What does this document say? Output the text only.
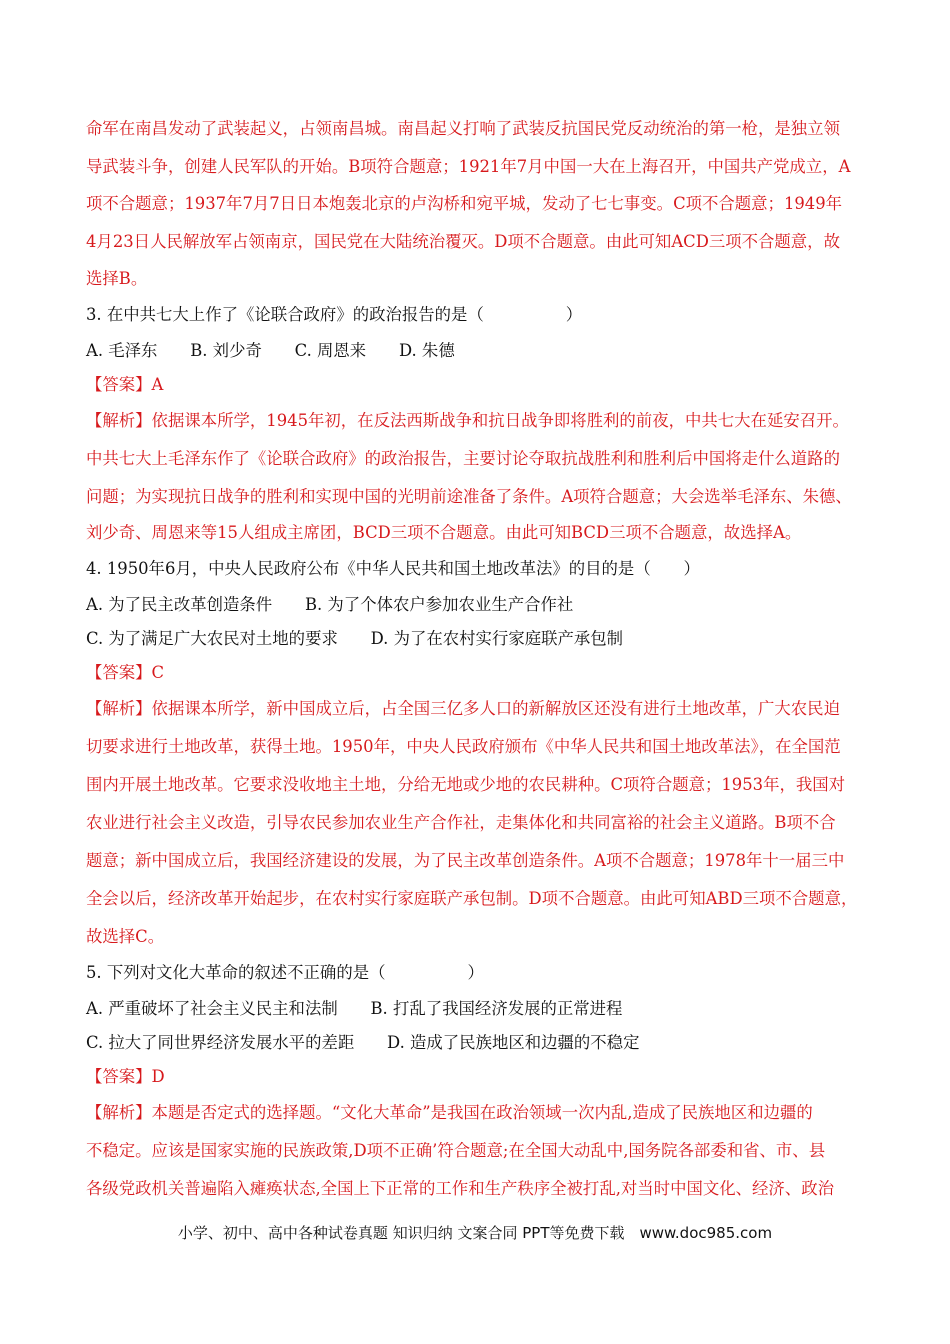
命军在南昌发动了武装起义，占领南昌城。南昌起义打响了武装反抗国民党反动统治的第一枪，是独立领
导武装斗争，创建人民军队的开始。B项符合题意；1921年7月中国一大在上海召开，中国共产党成立，A
项不合题意；1937年7月7日日本炮轰北京的卢沟桥和宛平城，发动了七七事变。C项不合题意；1949年
4月23日人民解放军占领南京，国民党在大陆统治覆灭。D项不合题意。由此可知ACD三项不合题意，故
选择B。
3. 在中共七大上作了《论联合政府》的政治报告的是（　　　　　）
A. 毛泽东　　B. 刘少奇　　C. 周恩来　　D. 朱德
【答案】A
【解析】依据课本所学，1945年初，在反法西斯战争和抗日战争即将胜利的前夜，中共七大在延安召开。
中共七大上毛泽东作了《论联合政府》的政治报告，主要讨论夺取抗战胜利和胜利后中国将走什么道路的
问题；为实现抗日战争的胜利和实现中国的光明前途准备了条件。A项符合题意；大会选举毛泽东、朱德、
刘少奇、周恩来等15人组成主席团，BCD三项不合题意。由此可知BCD三项不合题意，故选择A。
4. 1950年6月，中央人民政府公布《中华人民共和国土地改革法》的目的是（　　）
A. 为了民主改革创造条件　　B. 为了个体农户参加农业生产合作社
C. 为了满足广大农民对土地的要求　　D. 为了在农村实行家庭联产承包制
【答案】C
【解析】依据课本所学，新中国成立后，占全国三亿多人口的新解放区还没有进行土地改革，广大农民迫
切要求进行土地改革，获得土地。1950年，中央人民政府颁布《中华人民共和国土地改革法》，在全国范
围内开展土地改革。它要求没收地主土地，分给无地或少地的农民耕种。C项符合题意；1953年，我国对
农业进行社会主义改造，引导农民参加农业生产合作社，走集体化和共同富裕的社会主义道路。B项不合
题意；新中国成立后，我国经济建设的发展，为了民主改革创造条件。A项不合题意；1978年十一届三中
全会以后，经济改革开始起步，在农村实行家庭联产承包制。D项不合题意。由此可知ABD三项不合题意，
故选择C。
5. 下列对文化大革命的叙述不正确的是（　　　　　）
A. 严重破坏了社会主义民主和法制　　B. 打乱了我国经济发展的正常进程
C. 拉大了同世界经济发展水平的差距　　D. 造成了民族地区和边疆的不稳定
【答案】D
【解析】本题是否定式的选择题。“文化大革命”是我国在政治领域一次内乱,造成了民族地区和边疆的
不稳定。应该是国家实施的民族政策,D项不正确’符合题意;在全国大动乱中,国务院各部委和省、市、县
各级党政机关普遍陷入瘫痪状态,全国上下正常的工作和生产秩序全被打乱,对当时中国文化、经济、政治
小学、初中、高中各种试卷真题 知识归纳 文案合同 PPT等免费下载　www.doc985.com
